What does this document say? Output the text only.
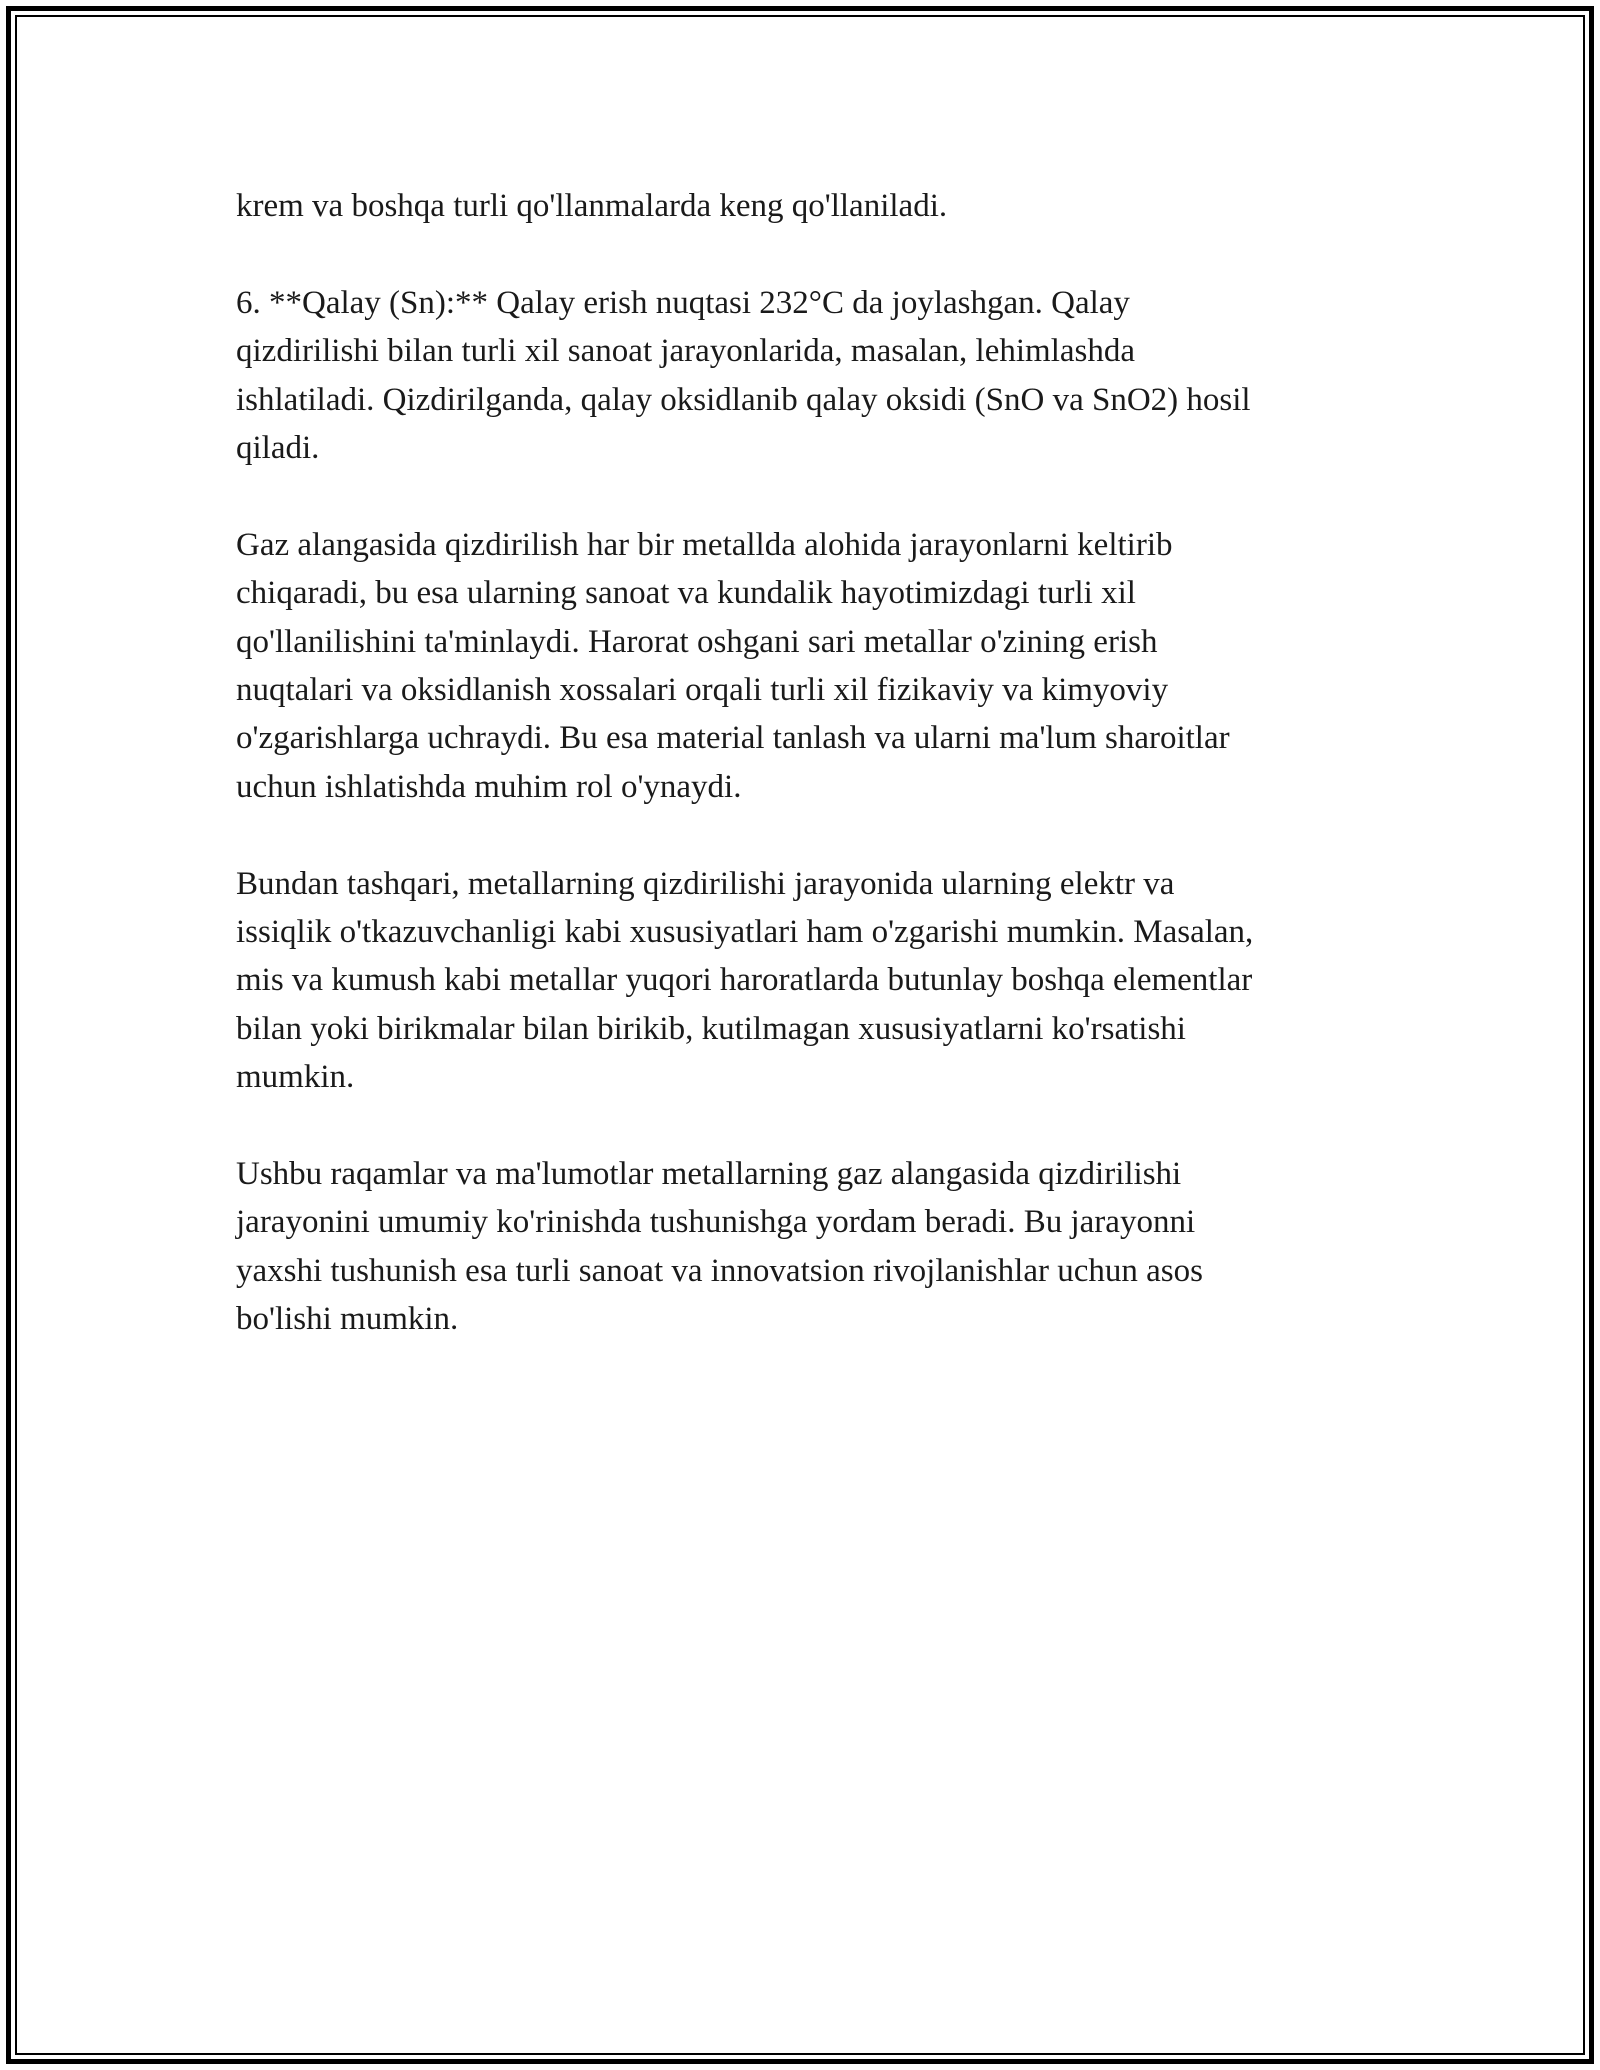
krem va boshqa turli qo'llanmalarda keng qo'llaniladi.

6. **Qalay (Sn):** Qalay erish nuqtasi 232°C da joylashgan. Qalay
qizdirilishi bilan turli xil sanoat jarayonlarida, masalan, lehimlashda
ishlatiladi. Qizdirilganda, qalay oksidlanib qalay oksidi (SnO va SnO2) hosil
qiladi.

Gaz alangasida qizdirilish har bir metallda alohida jarayonlarni keltirib
chiqaradi, bu esa ularning sanoat va kundalik hayotimizdagi turli xil
qo'llanilishini ta'minlaydi. Harorat oshgani sari metallar o'zining erish
nuqtalari va oksidlanish xossalari orqali turli xil fizikaviy va kimyoviy
o'zgarishlarga uchraydi. Bu esa material tanlash va ularni ma'lum sharoitlar
uchun ishlatishda muhim rol o'ynaydi.

Bundan tashqari, metallarning qizdirilishi jarayonida ularning elektr va
issiqlik o'tkazuvchanligi kabi xususiyatlari ham o'zgarishi mumkin. Masalan,
mis va kumush kabi metallar yuqori haroratlarda butunlay boshqa elementlar
bilan yoki birikmalar bilan birikib, kutilmagan xususiyatlarni ko'rsatishi
mumkin.

Ushbu raqamlar va ma'lumotlar metallarning gaz alangasida qizdirilishi
jarayonini umumiy ko'rinishda tushunishga yordam beradi. Bu jarayonni
yaxshi tushunish esa turli sanoat va innovatsion rivojlanishlar uchun asos
bo'lishi mumkin.
